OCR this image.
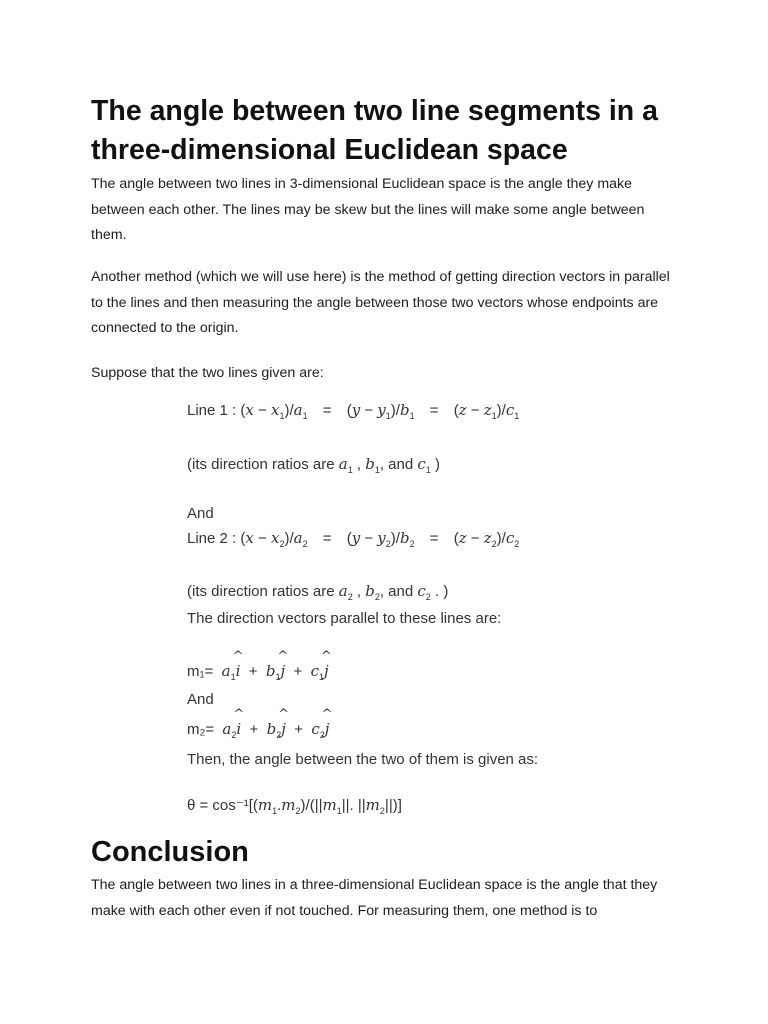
The angle between two line segments in a three-dimensional Euclidean space

The angle between two lines in 3-dimensional Euclidean space is the angle they make between each other. The lines may be skew but the lines will make some angle between them.

Another method (which we will use here) is the method of getting direction vectors in parallel to the lines and then measuring the angle between those two vectors whose endpoints are connected to the origin.

Suppose that the two lines given are:

Line 1 : $(x - x_1)/a_1 = (y - y_1)/b_1 = (z - z_1)/c_1$
(its direction ratios are $a_1$ , $b_1$, and $c_1$ )
And
Line 2 : $(x - x_2)/a_2 = (y - y_2)/b_2 = (z - z_2)/c_2$
(its direction ratios are $a_2$ , $b_2$, and $c_2$ . )
The direction vectors parallel to these lines are:
$m_1= a_1\^{}$ $i + b_1\^{}$ $j + c_1\^{}$ j
And
$m_2= a_2\^{}$ $i + b_2\^{}$ $j + c_2\^{}$ j
Then, the angle between the two of them is given as:
$\theta = \cos^{-1}[(m_1.m_2)/(||m_1||$. $||m_2||$)]
Conclusion

The angle between two lines in a three-dimensional Euclidean space is the angle that they make with each other even if not touched. For measuring them, one method is to
